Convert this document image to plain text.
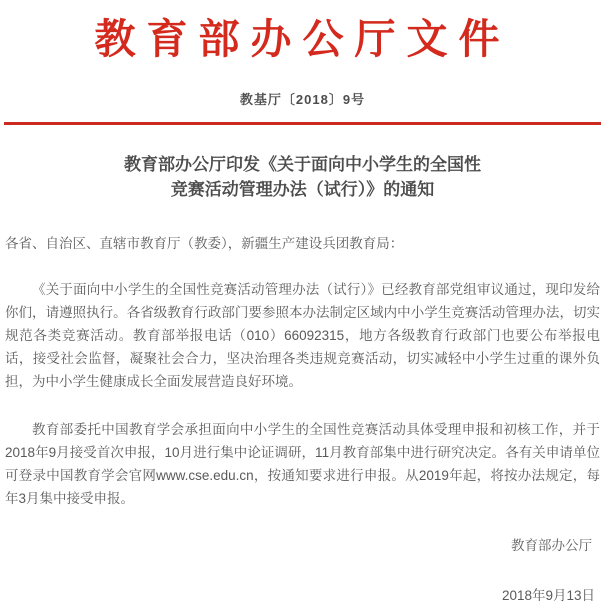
教育部办公厅文件
教基厅〔2018〕9号
教育部办公厅印发《关于面向中小学生的全国性
竞赛活动管理办法（试行）》的通知

各省、自治区、直辖市教育厅（教委），新疆生产建设兵团教育局：

《关于面向中小学生的全国性竞赛活动管理办法（试行）》已经教育部党组审议通过，现印发给你们，请遵照执行。各省级教育行政部门要参照本办法制定区域内中小学生竞赛活动管理办法，切实规范各类竞赛活动。教育部举报电话（010）66092315，地方各级教育行政部门也要公布举报电话，接受社会监督，凝聚社会合力，坚决治理各类违规竞赛活动，切实减轻中小学生过重的课外负担，为中小学生健康成长全面发展营造良好环境。

教育部委托中国教育学会承担面向中小学生的全国性竞赛活动具体受理申报和初核工作，并于2018年9月接受首次申报，10月进行集中论证调研，11月教育部集中进行研究决定。各有关申请单位可登录中国教育学会官网www.cse.edu.cn，按通知要求进行申报。从2019年起，将按办法规定，每年3月集中接受申报。

教育部办公厅
2018年9月13日
